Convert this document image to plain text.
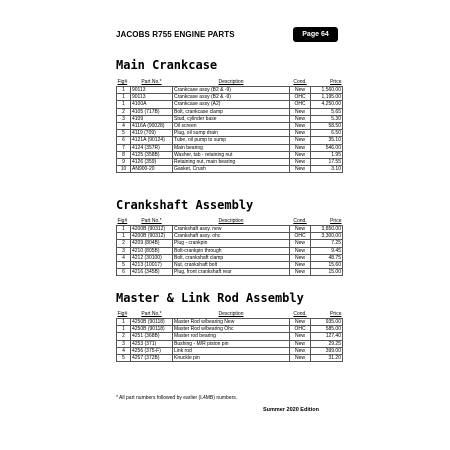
JACOBS R755 ENGINE PARTS	Page 64
Main Crankcase
Fig#	Part No.*	Description	Cond.	Price
1	90113	Crankcase assy (B2 & -9)	New	1,560.00
1	90113	Crankcase assy (B2 & -9)	OHC	1,195.00
1	4100A	Crankcase assy (A2)	OHC	4,250.00
2	4105 (717B)	Bolt, crankcase clamp	New	5.65
3	4109	Stud, cylinder base	New	5.30
4	4116A (90028)	Oil screen	New	58.50
5	4119 (709)	Plug, oil sump drain	New	6.50
6	4121A (90124)	Tube, oil pump to sump	New	35.10
7	4124 (357R)	Main bearing	New	546.00
8	4125 (358B)	Washer, tab - retaining nut	New	1.95
9	4126 (359)	Retaining nut, main bearing	New	17.55
10	AN900-20	Gasket, Crush	New	3.10
Crankshaft Assembly
Fig#	Part No.*	Description	Cond.	Price
1	4200B (90312)	Crankshaft assy. new	New	3,850.00
1	4200B (90312)	Crankshaft assy. ohc	OHC	3,300.00
2	4209 (804B)	Plug - crankpin	New	7.25
3	4210 (805B)	Bolt-crankpin through	New	9.45
4	4212 (30100)	Bolt, crankshaft clamp	New	48.75
5	4213 (10017)	Nut, crankshaft bolt	New	15.60
6	4216 (345B)	Plug, front crankshaft rear	New	15.00
Master & Link Rod Assembly
Fig#	Part No.*	Description	Cond.	Price
1	4250B (90118)	Master Rod w/bearing New	New	935.00
1	4250B (90118)	Master Rod w/bearing Ohc	OHC	585.00
2	4251 (368B)	Master rod bearing	New	127.40
3	4253 (371)	Bushing - M/R piston pin	New	29.25
4	4256 (375-F)	Link rod	New	399.00
5	4257 (372B)	Knuckle pin	New	31.20
* All part numbers followed by earlier (L4MB) numbers.
Summer 2020 Edition
